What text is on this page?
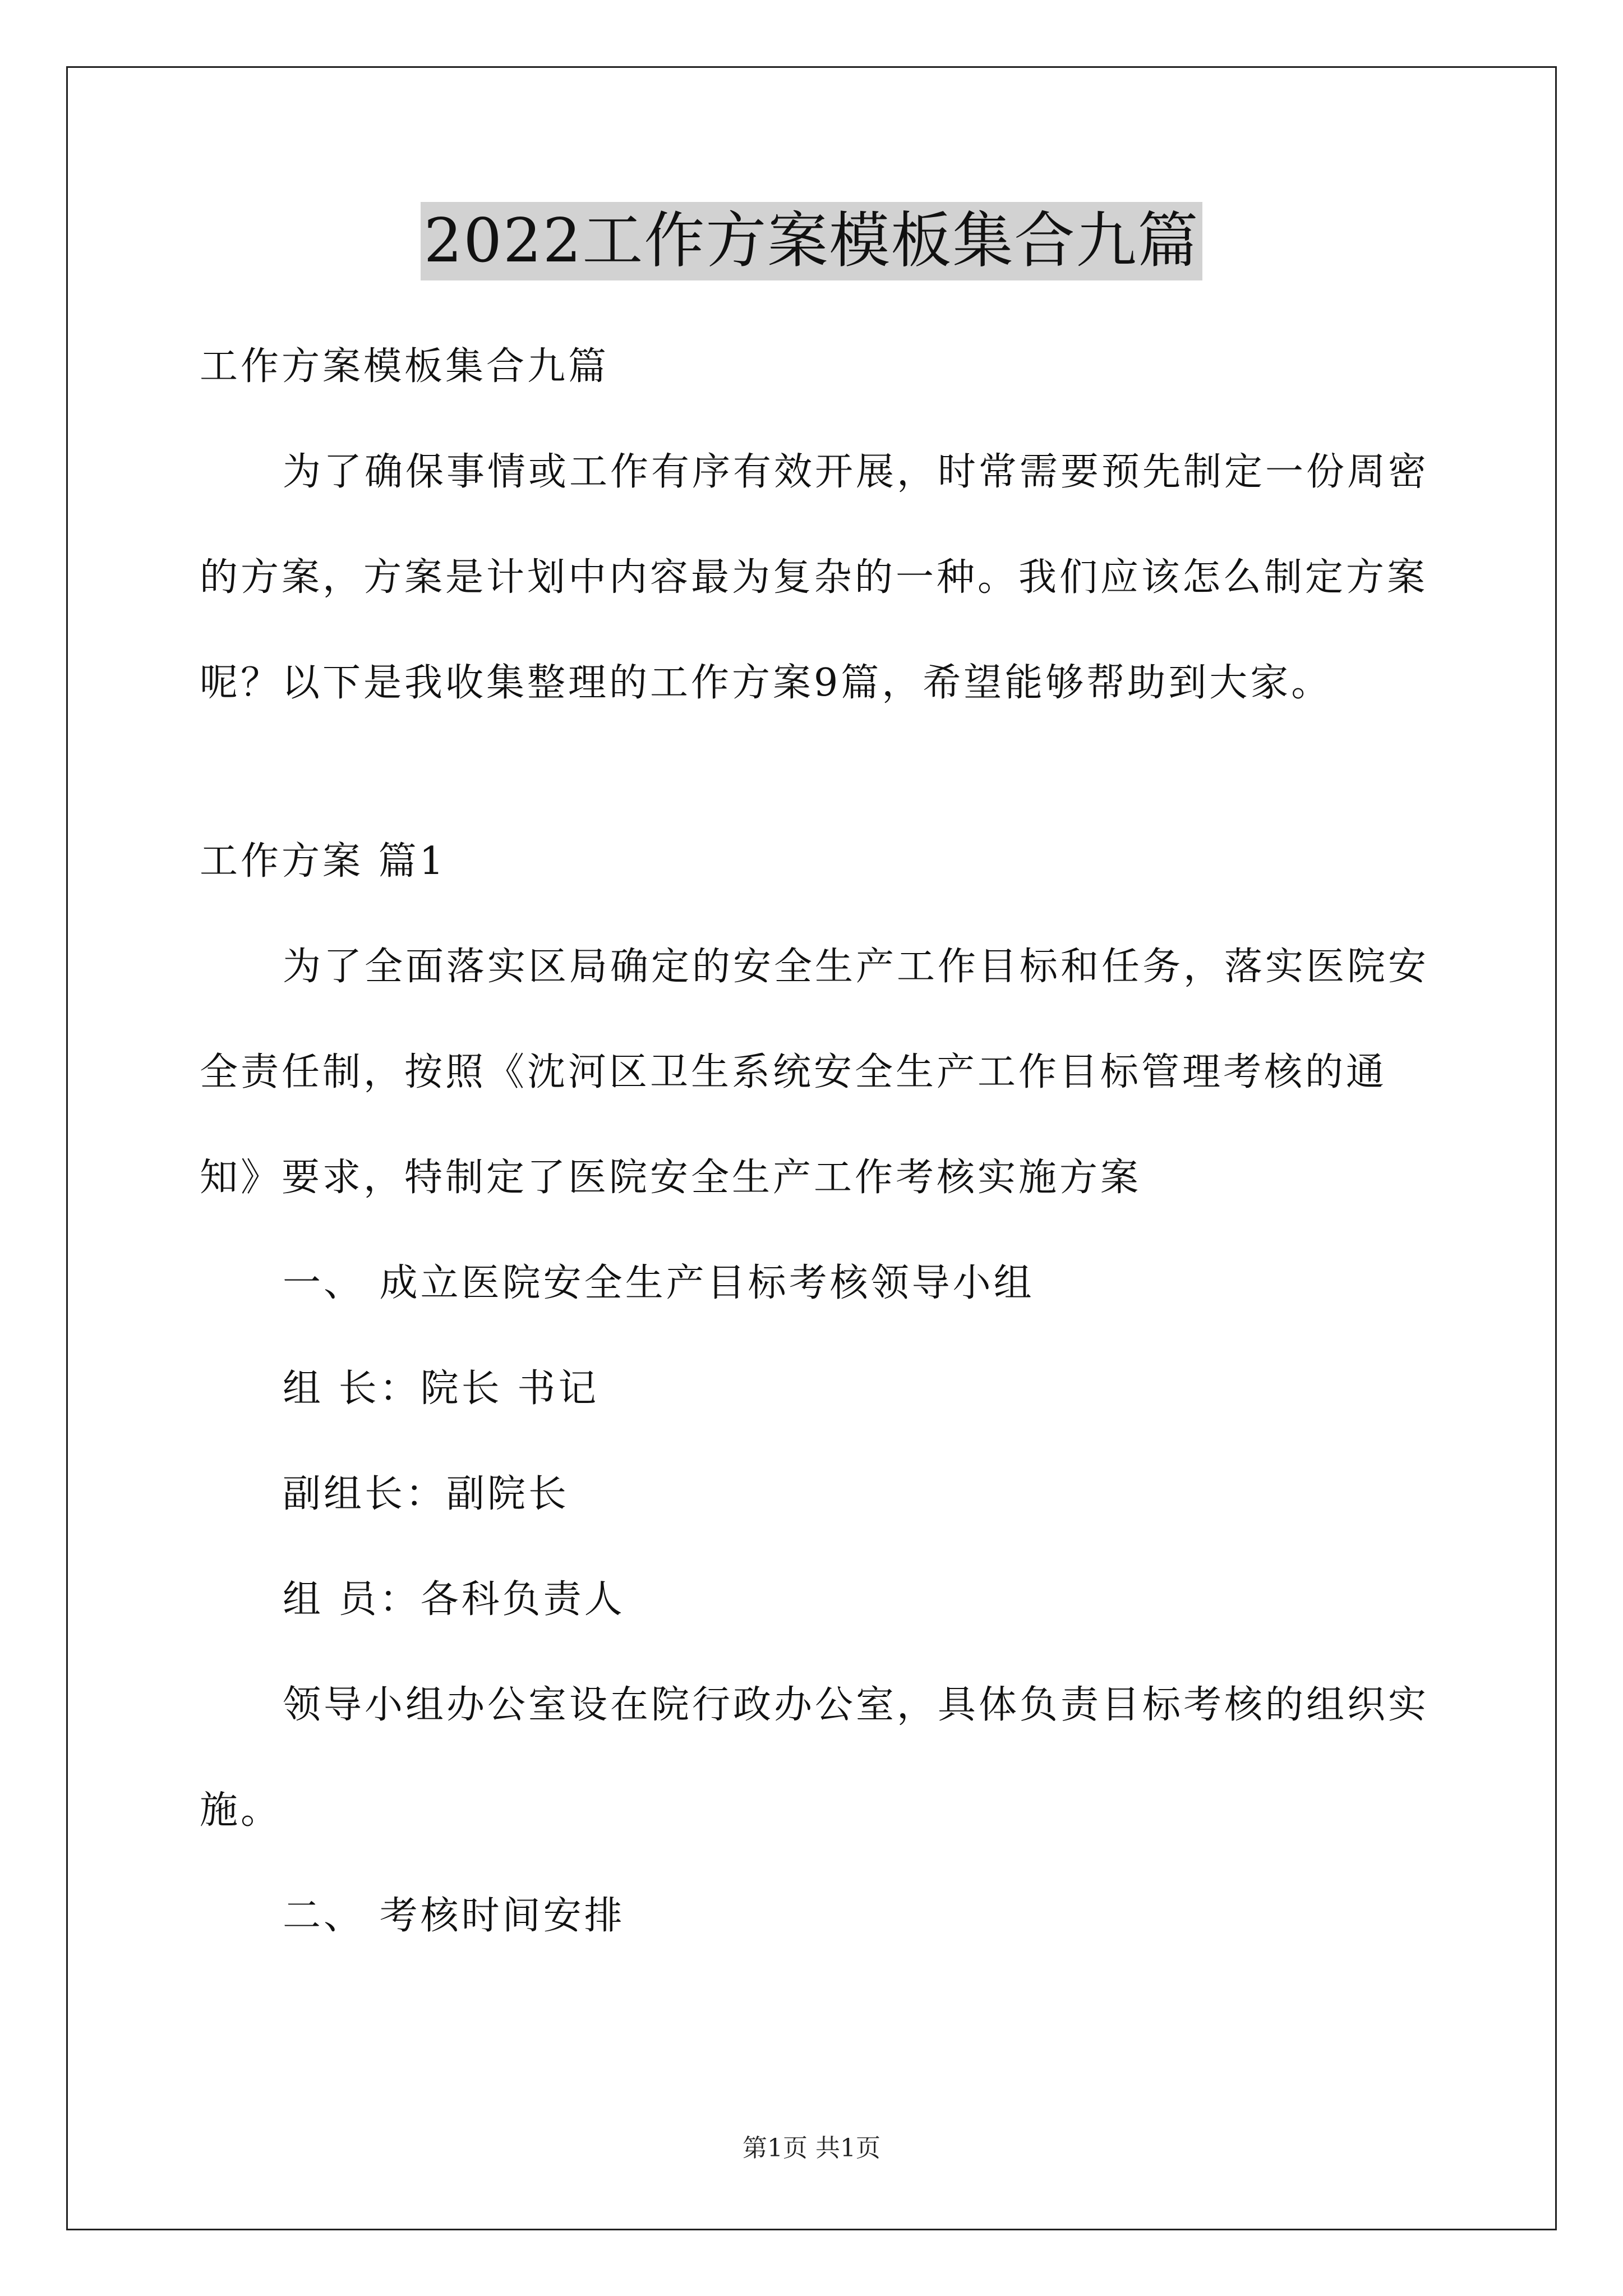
2022工作方案模板集合九篇

工作方案模板集合九篇

为了确保事情或工作有序有效开展，时常需要预先制定一份周密的方案，方案是计划中内容最为复杂的一种。我们应该怎么制定方案呢？以下是我收集整理的工作方案9篇，希望能够帮助到大家。

工作方案 篇1

为了全面落实区局确定的安全生产工作目标和任务，落实医院安全责任制，按照《沈河区卫生系统安全生产工作目标管理考核的通知》要求，特制定了医院安全生产工作考核实施方案

一、 成立医院安全生产目标考核领导小组

组 长：院长 书记

副组长：副院长

组 员：各科负责人

领导小组办公室设在院行政办公室，具体负责目标考核的组织实施。

二、 考核时间安排

第1页 共1页
